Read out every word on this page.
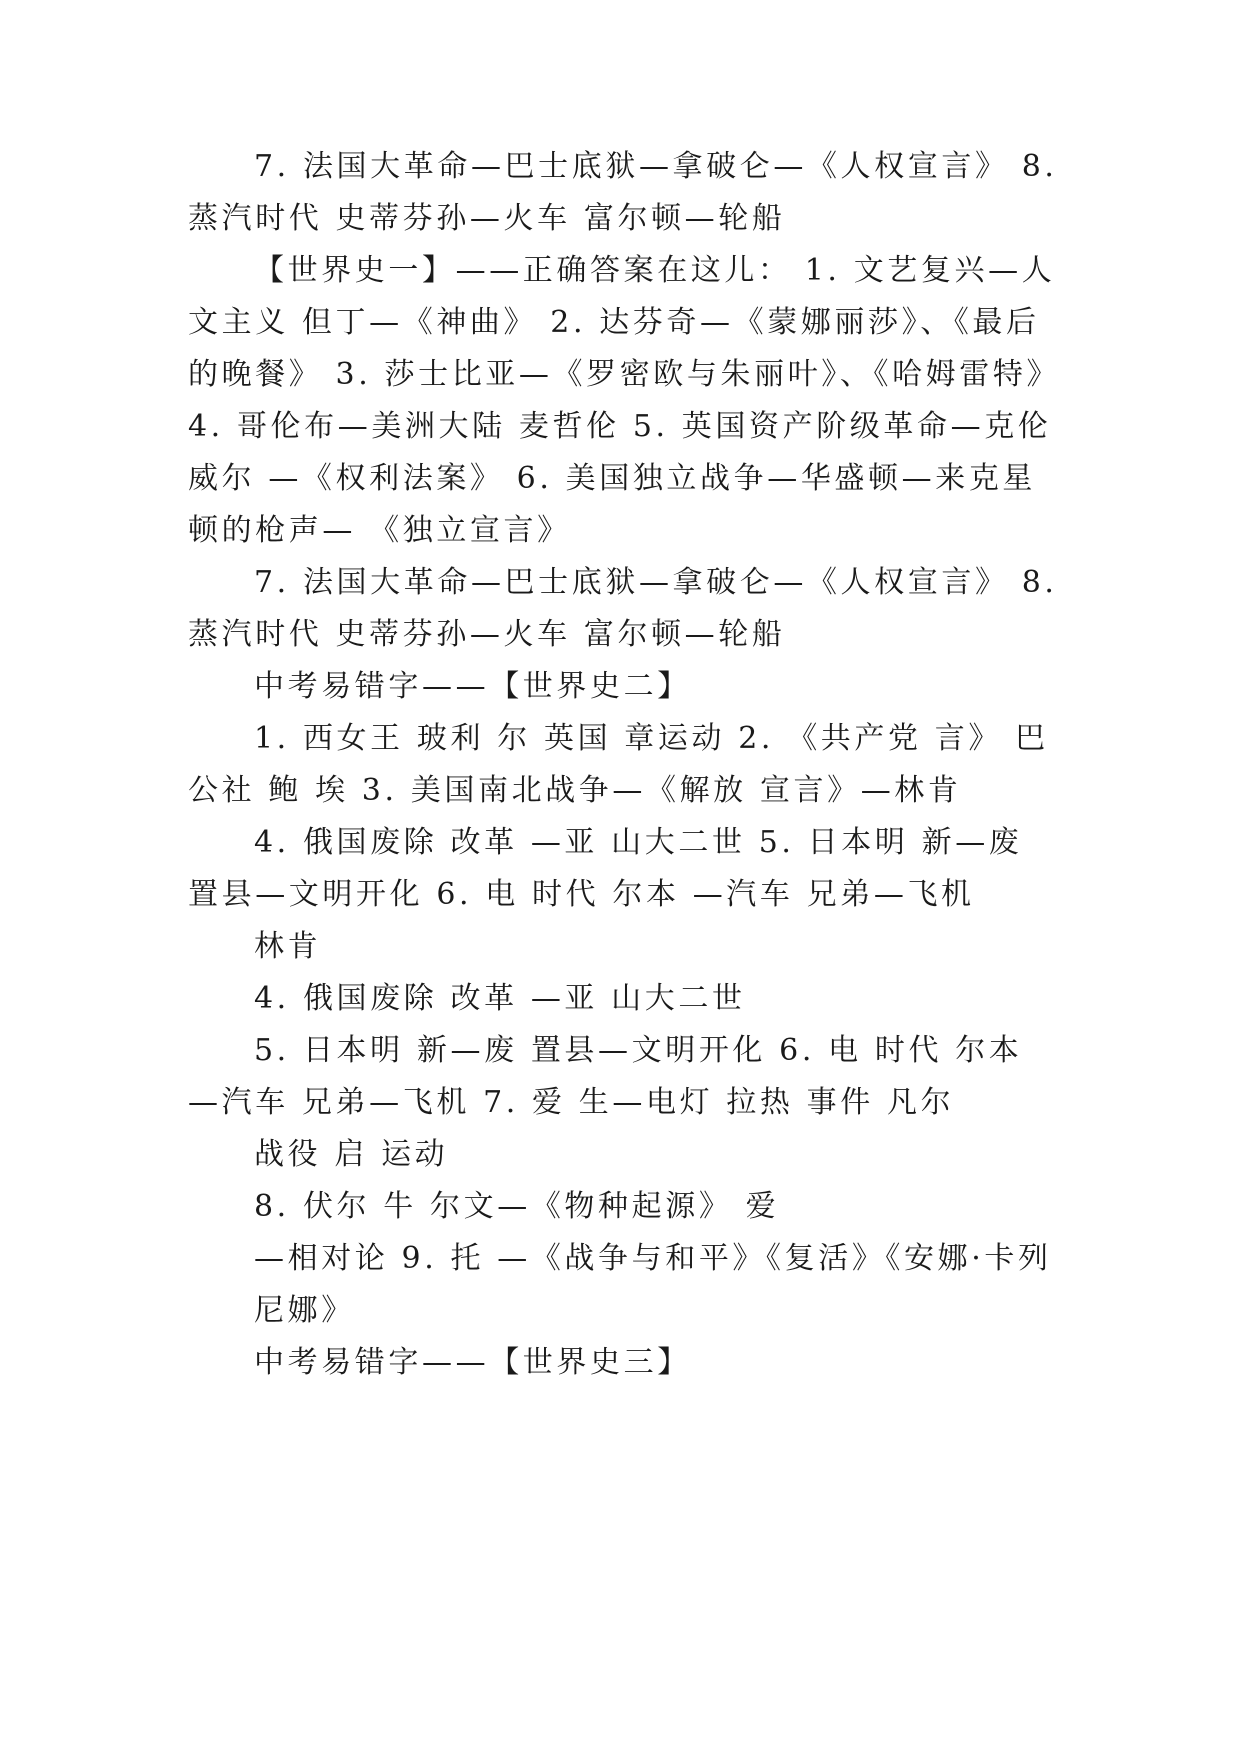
7. 法国大革命—巴士底狱—拿破仑—《人权宣言》 8.
蒸汽时代 史蒂芬孙—火车 富尔顿—轮船
【世界史一】——正确答案在这儿： 1. 文艺复兴—人
文主义 但丁—《神曲》 2. 达芬奇—《蒙娜丽莎》、《最后
的晚餐》 3. 莎士比亚—《罗密欧与朱丽叶》、《哈姆雷特》
4. 哥伦布—美洲大陆 麦哲伦 5. 英国资产阶级革命—克伦
威尔 —《权利法案》 6. 美国独立战争—华盛顿—来克星
顿的枪声— 《独立宣言》
7. 法国大革命—巴士底狱—拿破仑—《人权宣言》 8.
蒸汽时代 史蒂芬孙—火车 富尔顿—轮船
中考易错字——【世界史二】
1. 西女王 玻利 尔 英国 章运动 2. 《共产党 言》 巴
公社 鲍 埃 3. 美国南北战争—《解放 宣言》—林肯
4. 俄国废除 改革 —亚 山大二世 5. 日本明 新—废
置县—文明开化 6. 电 时代 尔本 —汽车 兄弟—飞机
林肯
4. 俄国废除 改革 —亚 山大二世
5. 日本明 新—废 置县—文明开化 6. 电 时代 尔本
—汽车 兄弟—飞机 7. 爱 生—电灯 拉热 事件 凡尔
战役 启 运动
8. 伏尔 牛 尔文—《物种起源》 爱
—相对论 9. 托 —《战争与和平》《复活》《安娜·卡列
尼娜》
中考易错字——【世界史三】
